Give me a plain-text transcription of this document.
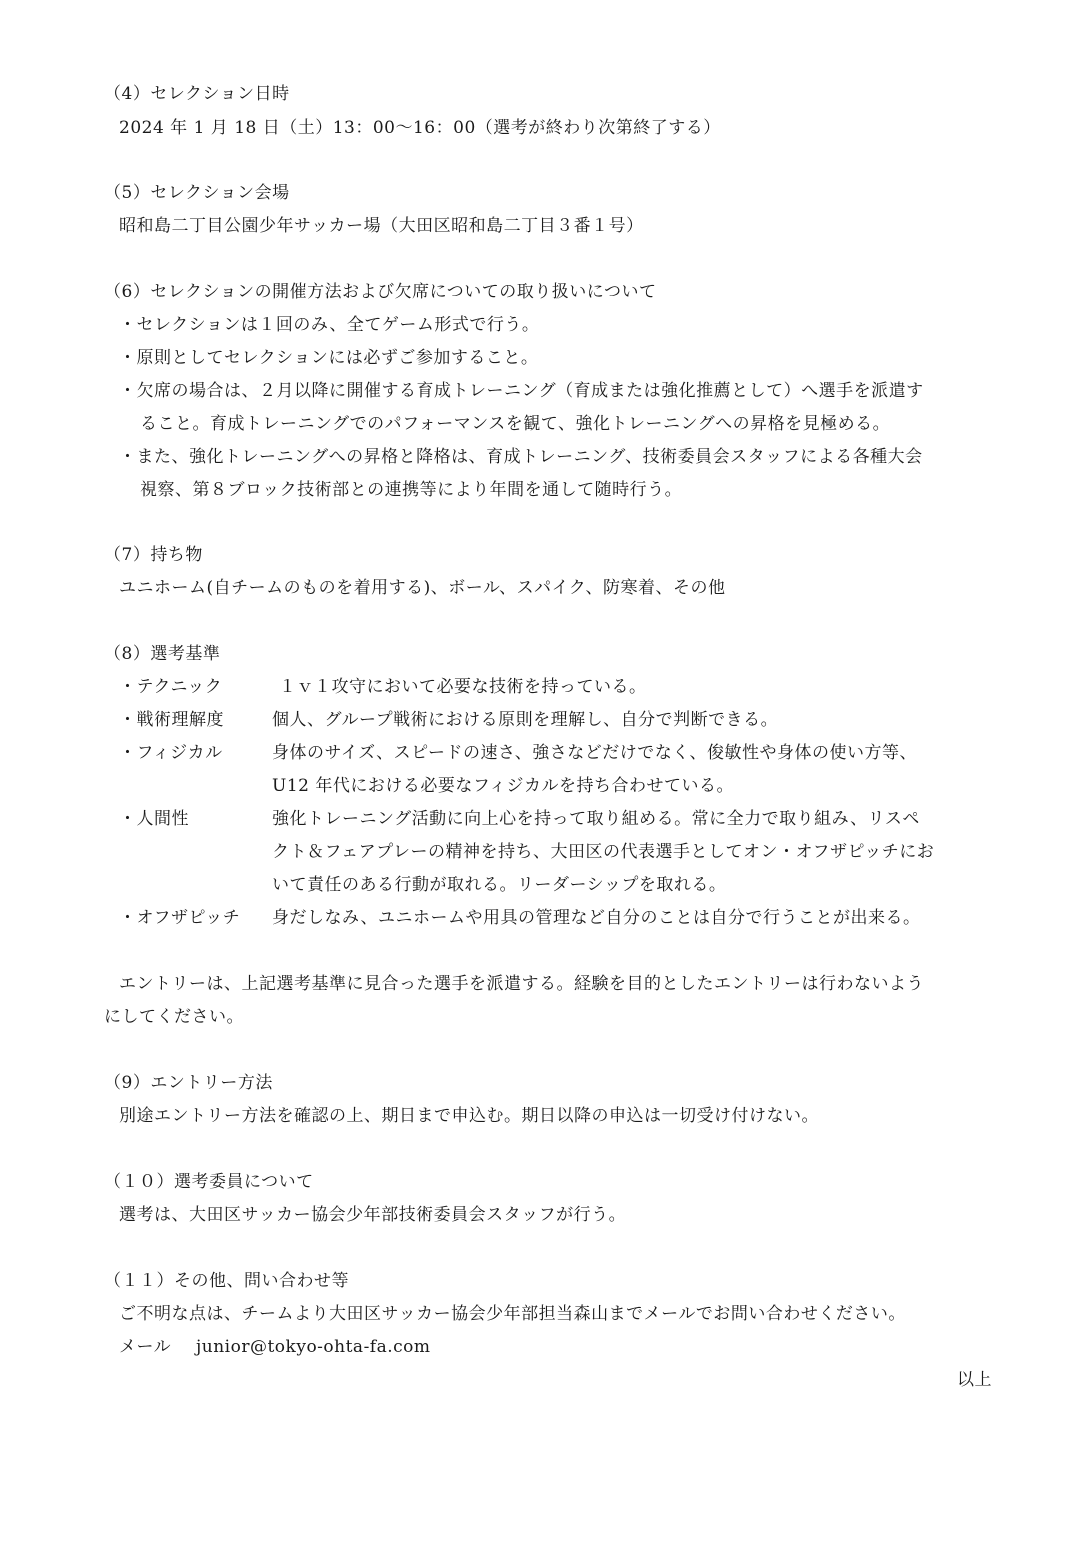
（4）セレクション日時
2024 年 1 月 18 日（土）13：00〜16：00（選考が終わり次第終了する）
（5）セレクション会場
昭和島二丁目公園少年サッカー場（大田区昭和島二丁目３番１号）
（6）セレクションの開催方法および欠席についての取り扱いについて
・セレクションは１回のみ、全てゲーム形式で行う。
・原則としてセレクションには必ずご参加すること。
・欠席の場合は、２月以降に開催する育成トレーニング（育成または強化推薦として）へ選手を派遣す
ること。育成トレーニングでのパフォーマンスを観て、強化トレーニングへの昇格を見極める。
・また、強化トレーニングへの昇格と降格は、育成トレーニング、技術委員会スタッフによる各種大会
視察、第８ブロック技術部との連携等により年間を通して随時行う。
（7）持ち物
ユニホーム(自チームのものを着用する)、ボール、スパイク、防寒着、その他
（8）選考基準
・テクニック	１ｖ１攻守において必要な技術を持っている。
・戦術理解度	個人、グループ戦術における原則を理解し、自分で判断できる。
・フィジカル	身体のサイズ、スピードの速さ、強さなどだけでなく、俊敏性や身体の使い方等、
U12 年代における必要なフィジカルを持ち合わせている。
・人間性	強化トレーニング活動に向上心を持って取り組める。常に全力で取り組み、リスペ
クト＆フェアプレーの精神を持ち、大田区の代表選手としてオン・オフザピッチにお
いて責任のある行動が取れる。リーダーシップを取れる。
・オフザピッチ 身だしなみ、ユニホームや用具の管理など自分のことは自分で行うことが出来る。
エントリーは、上記選考基準に見合った選手を派遣する。経験を目的としたエントリーは行わないよう
にしてください。
（9）エントリー方法
別途エントリー方法を確認の上、期日まで申込む。期日以降の申込は一切受け付けない。
（１０）選考委員について
選考は、大田区サッカー協会少年部技術委員会スタッフが行う。
（１１）その他、問い合わせ等
ご不明な点は、チームより大田区サッカー協会少年部担当森山までメールでお問い合わせください。
メール junior@tokyo-ohta-fa.com
以上
